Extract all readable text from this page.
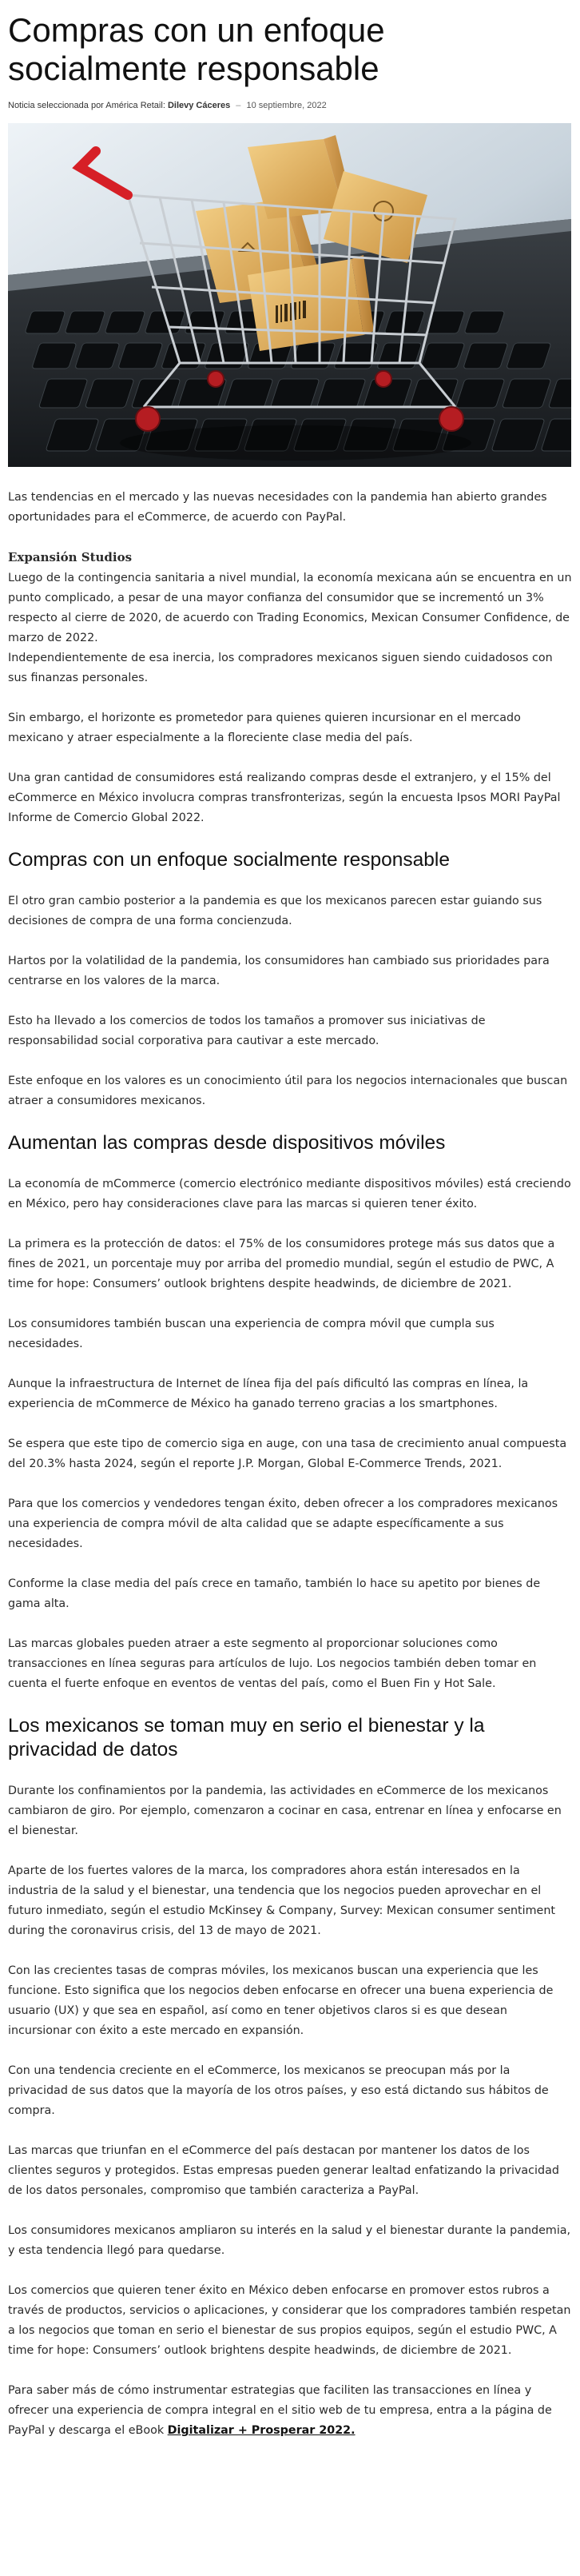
Compras con un enfoque socialmente responsable
Noticia seleccionada por América Retail: Dilevy Cáceres – 10 septiembre, 2022

Las tendencias en el mercado y las nuevas necesidades con la pandemia han abierto grandes oportunidades para el eCommerce, de acuerdo con PayPal.

Expansión Studios

Luego de la contingencia sanitaria a nivel mundial, la economía mexicana aún se encuentra en un punto complicado, a pesar de una mayor confianza del consumidor que se incrementó un 3% respecto al cierre de 2020, de acuerdo con Trading Economics, Mexican Consumer Confidence, de marzo de 2022.

Independientemente de esa inercia, los compradores mexicanos siguen siendo cuidadosos con sus finanzas personales.

Sin embargo, el horizonte es prometedor para quienes quieren incursionar en el mercado mexicano y atraer especialmente a la floreciente clase media del país.

Una gran cantidad de consumidores está realizando compras desde el extranjero, y el 15% del eCommerce en México involucra compras transfronterizas, según la encuesta Ipsos MORI PayPal Informe de Comercio Global 2022.

Compras con un enfoque socialmente responsable

El otro gran cambio posterior a la pandemia es que los mexicanos parecen estar guiando sus decisiones de compra de una forma concienzuda.

Hartos por la volatilidad de la pandemia, los consumidores han cambiado sus prioridades para centrarse en los valores de la marca.

Esto ha llevado a los comercios de todos los tamaños a promover sus iniciativas de responsabilidad social corporativa para cautivar a este mercado.

Este enfoque en los valores es un conocimiento útil para los negocios internacionales que buscan atraer a consumidores mexicanos.

Aumentan las compras desde dispositivos móviles

La economía de mCommerce (comercio electrónico mediante dispositivos móviles) está creciendo en México, pero hay consideraciones clave para las marcas si quieren tener éxito.

La primera es la protección de datos: el 75% de los consumidores protege más sus datos que a fines de 2021, un porcentaje muy por arriba del promedio mundial, según el estudio de PWC, A time for hope: Consumers’ outlook brightens despite headwinds, de diciembre de 2021.

Los consumidores también buscan una experiencia de compra móvil que cumpla sus necesidades.

Aunque la infraestructura de Internet de línea fija del país dificultó las compras en línea, la experiencia de mCommerce de México ha ganado terreno gracias a los smartphones.

Se espera que este tipo de comercio siga en auge, con una tasa de crecimiento anual compuesta del 20.3% hasta 2024, según el reporte J.P. Morgan, Global E-Commerce Trends, 2021.

Para que los comercios y vendedores tengan éxito, deben ofrecer a los compradores mexicanos una experiencia de compra móvil de alta calidad que se adapte específicamente a sus necesidades.

Conforme la clase media del país crece en tamaño, también lo hace su apetito por bienes de gama alta.

Las marcas globales pueden atraer a este segmento al proporcionar soluciones como transacciones en línea seguras para artículos de lujo. Los negocios también deben tomar en cuenta el fuerte enfoque en eventos de ventas del país, como el Buen Fin y Hot Sale.

Los mexicanos se toman muy en serio el bienestar y la privacidad de datos

Durante los confinamientos por la pandemia, las actividades en eCommerce de los mexicanos cambiaron de giro. Por ejemplo, comenzaron a cocinar en casa, entrenar en línea y enfocarse en el bienestar.

Aparte de los fuertes valores de la marca, los compradores ahora están interesados en la industria de la salud y el bienestar, una tendencia que los negocios pueden aprovechar en el futuro inmediato, según el estudio McKinsey & Company, Survey: Mexican consumer sentiment during the coronavirus crisis, del 13 de mayo de 2021.

Con las crecientes tasas de compras móviles, los mexicanos buscan una experiencia que les funcione. Esto significa que los negocios deben enfocarse en ofrecer una buena experiencia de usuario (UX) y que sea en español, así como en tener objetivos claros si es que desean incursionar con éxito a este mercado en expansión.

Con una tendencia creciente en el eCommerce, los mexicanos se preocupan más por la privacidad de sus datos que la mayoría de los otros países, y eso está dictando sus hábitos de compra.

Las marcas que triunfan en el eCommerce del país destacan por mantener los datos de los clientes seguros y protegidos. Estas empresas pueden generar lealtad enfatizando la privacidad de los datos personales, compromiso que también caracteriza a PayPal.

Los consumidores mexicanos ampliaron su interés en la salud y el bienestar durante la pandemia, y esta tendencia llegó para quedarse.

Los comercios que quieren tener éxito en México deben enfocarse en promover estos rubros a través de productos, servicios o aplicaciones, y considerar que los compradores también respetan a los negocios que toman en serio el bienestar de sus propios equipos, según el estudio PWC, A time for hope: Consumers’ outlook brightens despite headwinds, de diciembre de 2021.

Para saber más de cómo instrumentar estrategias que faciliten las transacciones en línea y ofrecer una experiencia de compra integral en el sitio web de tu empresa, entra a la página de PayPal y descarga el eBook Digitalizar + Prosperar 2022.
